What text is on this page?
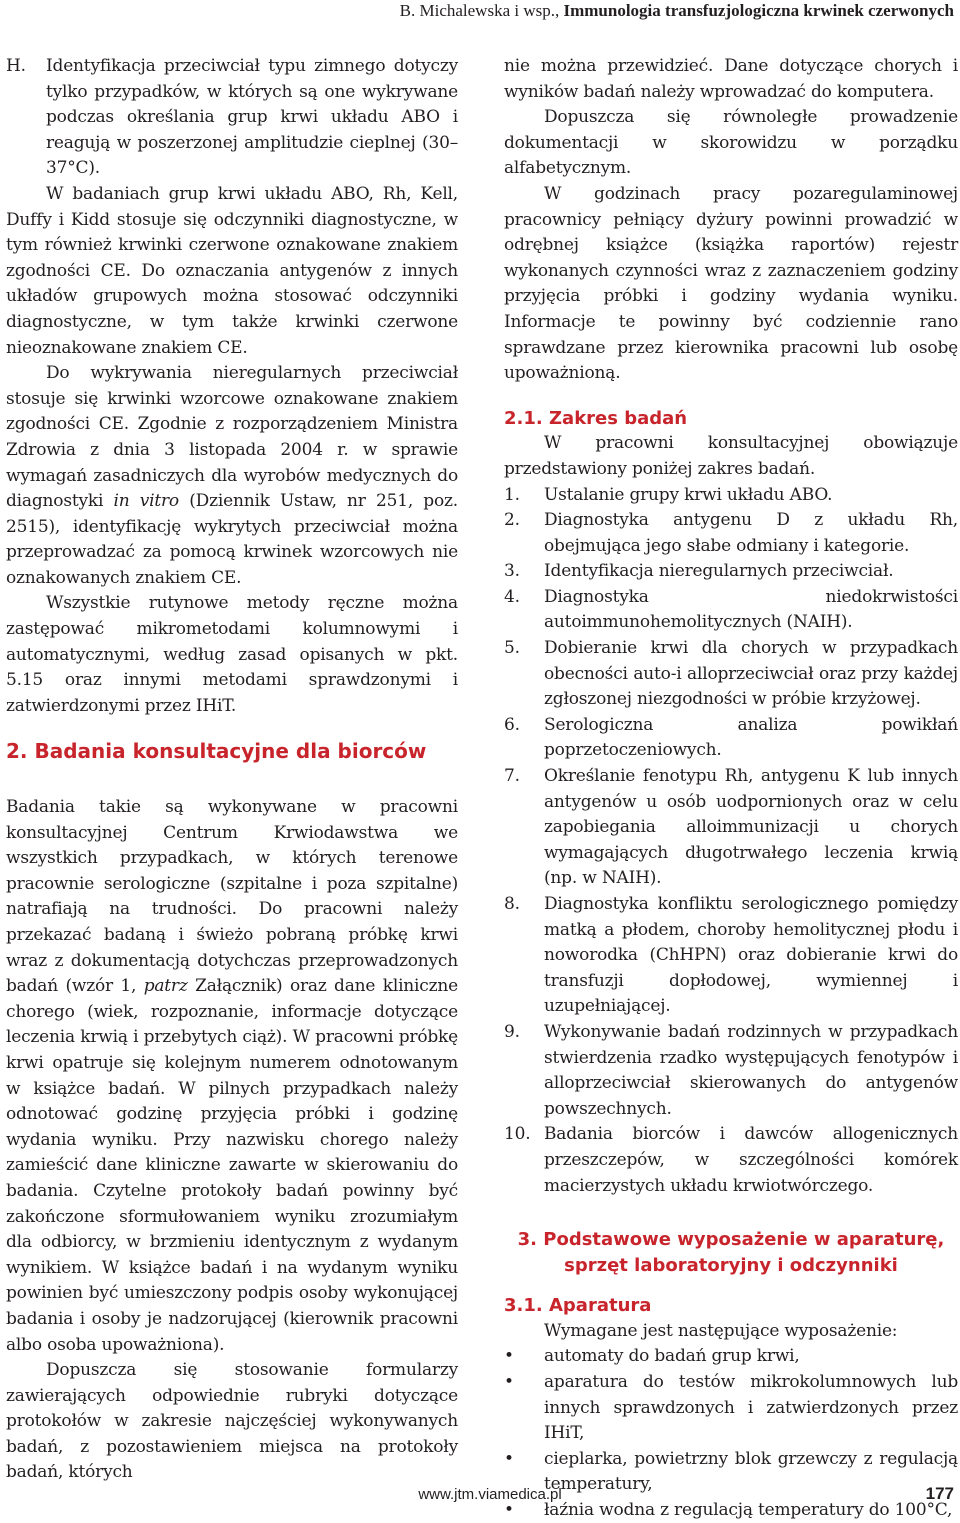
B. Michalewska i wsp., Immunologia transfuzjologiczna krwinek czerwonych
H.	Identyfikacja przeciwciał typu zimnego dotyczy tylko przypadków, w których są one wykrywane podczas określania grup krwi układu ABO i reagują w poszerzonej amplitudzie cieplnej (30–37°C).

W badaniach grup krwi układu ABO, Rh, Kell, Duffy i Kidd stosuje się odczynniki diagnostyczne, w tym również krwinki czerwone oznakowane znakiem zgodności CE. Do oznaczania antygenów z innych układów grupowych można stosować odczynniki diagnostyczne, w tym także krwinki czerwone nieoznakowane znakiem CE.

Do wykrywania nieregularnych przeciwciał stosuje się krwinki wzorcowe oznakowane znakiem zgodności CE. Zgodnie z rozporządzeniem Ministra Zdrowia z dnia 3 listopada 2004 r. w sprawie wymagań zasadniczych dla wyrobów medycznych do diagnostyki in vitro (Dziennik Ustaw, nr 251, poz. 2515), identyfikację wykrytych przeciwciał można przeprowadzać za pomocą krwinek wzorcowych nie oznakowanych znakiem CE.

Wszystkie rutynowe metody ręczne można zastępować mikrometodami kolumnowymi i automatycznymi, według zasad opisanych w pkt. 5.15 oraz innymi metodami sprawdzonymi i zatwierdzonymi przez IHiT.

2. Badania konsultacyjne dla biorców

Badania takie są wykonywane w pracowni konsultacyjnej Centrum Krwiodawstwa we wszystkich przypadkach, w których terenowe pracownie serologiczne (szpitalne i poza szpitalne) natrafiają na trudności. Do pracowni należy przekazać badaną i świeżo pobraną próbkę krwi wraz z dokumentacją dotychczas przeprowadzonych badań (wzór 1, patrz Załącznik) oraz dane kliniczne chorego (wiek, rozpoznanie, informacje dotyczące leczenia krwią i przebytych ciąż). W pracowni próbkę krwi opatruje się kolejnym numerem odnotowanym w książce badań. W pilnych przypadkach należy odnotować godzinę przyjęcia próbki i godzinę wydania wyniku. Przy nazwisku chorego należy zamieścić dane kliniczne zawarte w skierowaniu do badania. Czytelne protokoły badań powinny być zakończone sformułowaniem wyniku zrozumiałym dla odbiorcy, w brzmieniu identycznym z wydanym wynikiem. W książce badań i na wydanym wyniku powinien być umieszczony podpis osoby wykonującej badania i osoby je nadzorującej (kierownik pracowni albo osoba upoważniona).

Dopuszcza się stosowanie formularzy zawierających odpowiednie rubryki dotyczące protokołów w zakresie najczęściej wykonywanych badań, z pozostawieniem miejsca na protokoły badań, których

nie można przewidzieć. Dane dotyczące chorych i wyników badań należy wprowadzać do komputera.

Dopuszcza się równoległe prowadzenie dokumentacji w skorowidzu w porządku alfabetycznym.

W godzinach pracy pozaregulaminowej pracownicy pełniący dyżury powinni prowadzić w odrębnej książce (książka raportów) rejestr wykonanych czynności wraz z zaznaczeniem godziny przyjęcia próbki i godziny wydania wyniku. Informacje te powinny być codziennie rano sprawdzane przez kierownika pracowni lub osobę upoważnioną.

2.1. Zakres badań

W pracowni konsultacyjnej obowiązuje przedstawiony poniżej zakres badań.

1.	Ustalanie grupy krwi układu ABO.
2.	Diagnostyka antygenu D z układu Rh, obejmująca jego słabe odmiany i kategorie.
3.	Identyfikacja nieregularnych przeciwciał.
4.	Diagnostyka niedokrwistości autoimmunohemolitycznych (NAIH).
5.	Dobieranie krwi dla chorych w przypadkach obecności auto-i alloprzeciwciał oraz przy każdej zgłoszonej niezgodności w próbie krzyżowej.
6.	Serologiczna analiza powikłań poprzetoczeniowych.
7.	Określanie fenotypu Rh, antygenu K lub innych antygenów u osób uodpornionych oraz w celu zapobiegania alloimmunizacji u chorych wymagających długotrwałego leczenia krwią (np. w NAIH).
8.	Diagnostyka konfliktu serologicznego pomiędzy matką a płodem, choroby hemolitycznej płodu i noworodka (ChHPN) oraz dobieranie krwi do transfuzji dopłodowej, wymiennej i uzupełniającej.
9.	Wykonywanie badań rodzinnych w przypadkach stwierdzenia rzadko występujących fenotypów i alloprzeciwciał skierowanych do antygenów powszechnych.
10. Badania biorców i dawców allogenicznych przeszczepów, w szczególności komórek macierzystych układu krwiotwórczego.
3. Podstawowe wyposażenie w aparaturę,
sprzęt laboratoryjny i odczynniki
3.1. Aparatura

Wymagane jest następujące wyposażenie:

•	automaty do badań grup krwi,
•	aparatura do testów mikrokolumnowych lub innych sprawdzonych i zatwierdzonych przez IHiT,
•	cieplarka, powietrzny blok grzewczy z regulacją temperatury,
•	łaźnia wodna z regulacją temperatury do 100°C,
www.jtm.viamedica.pl	177
